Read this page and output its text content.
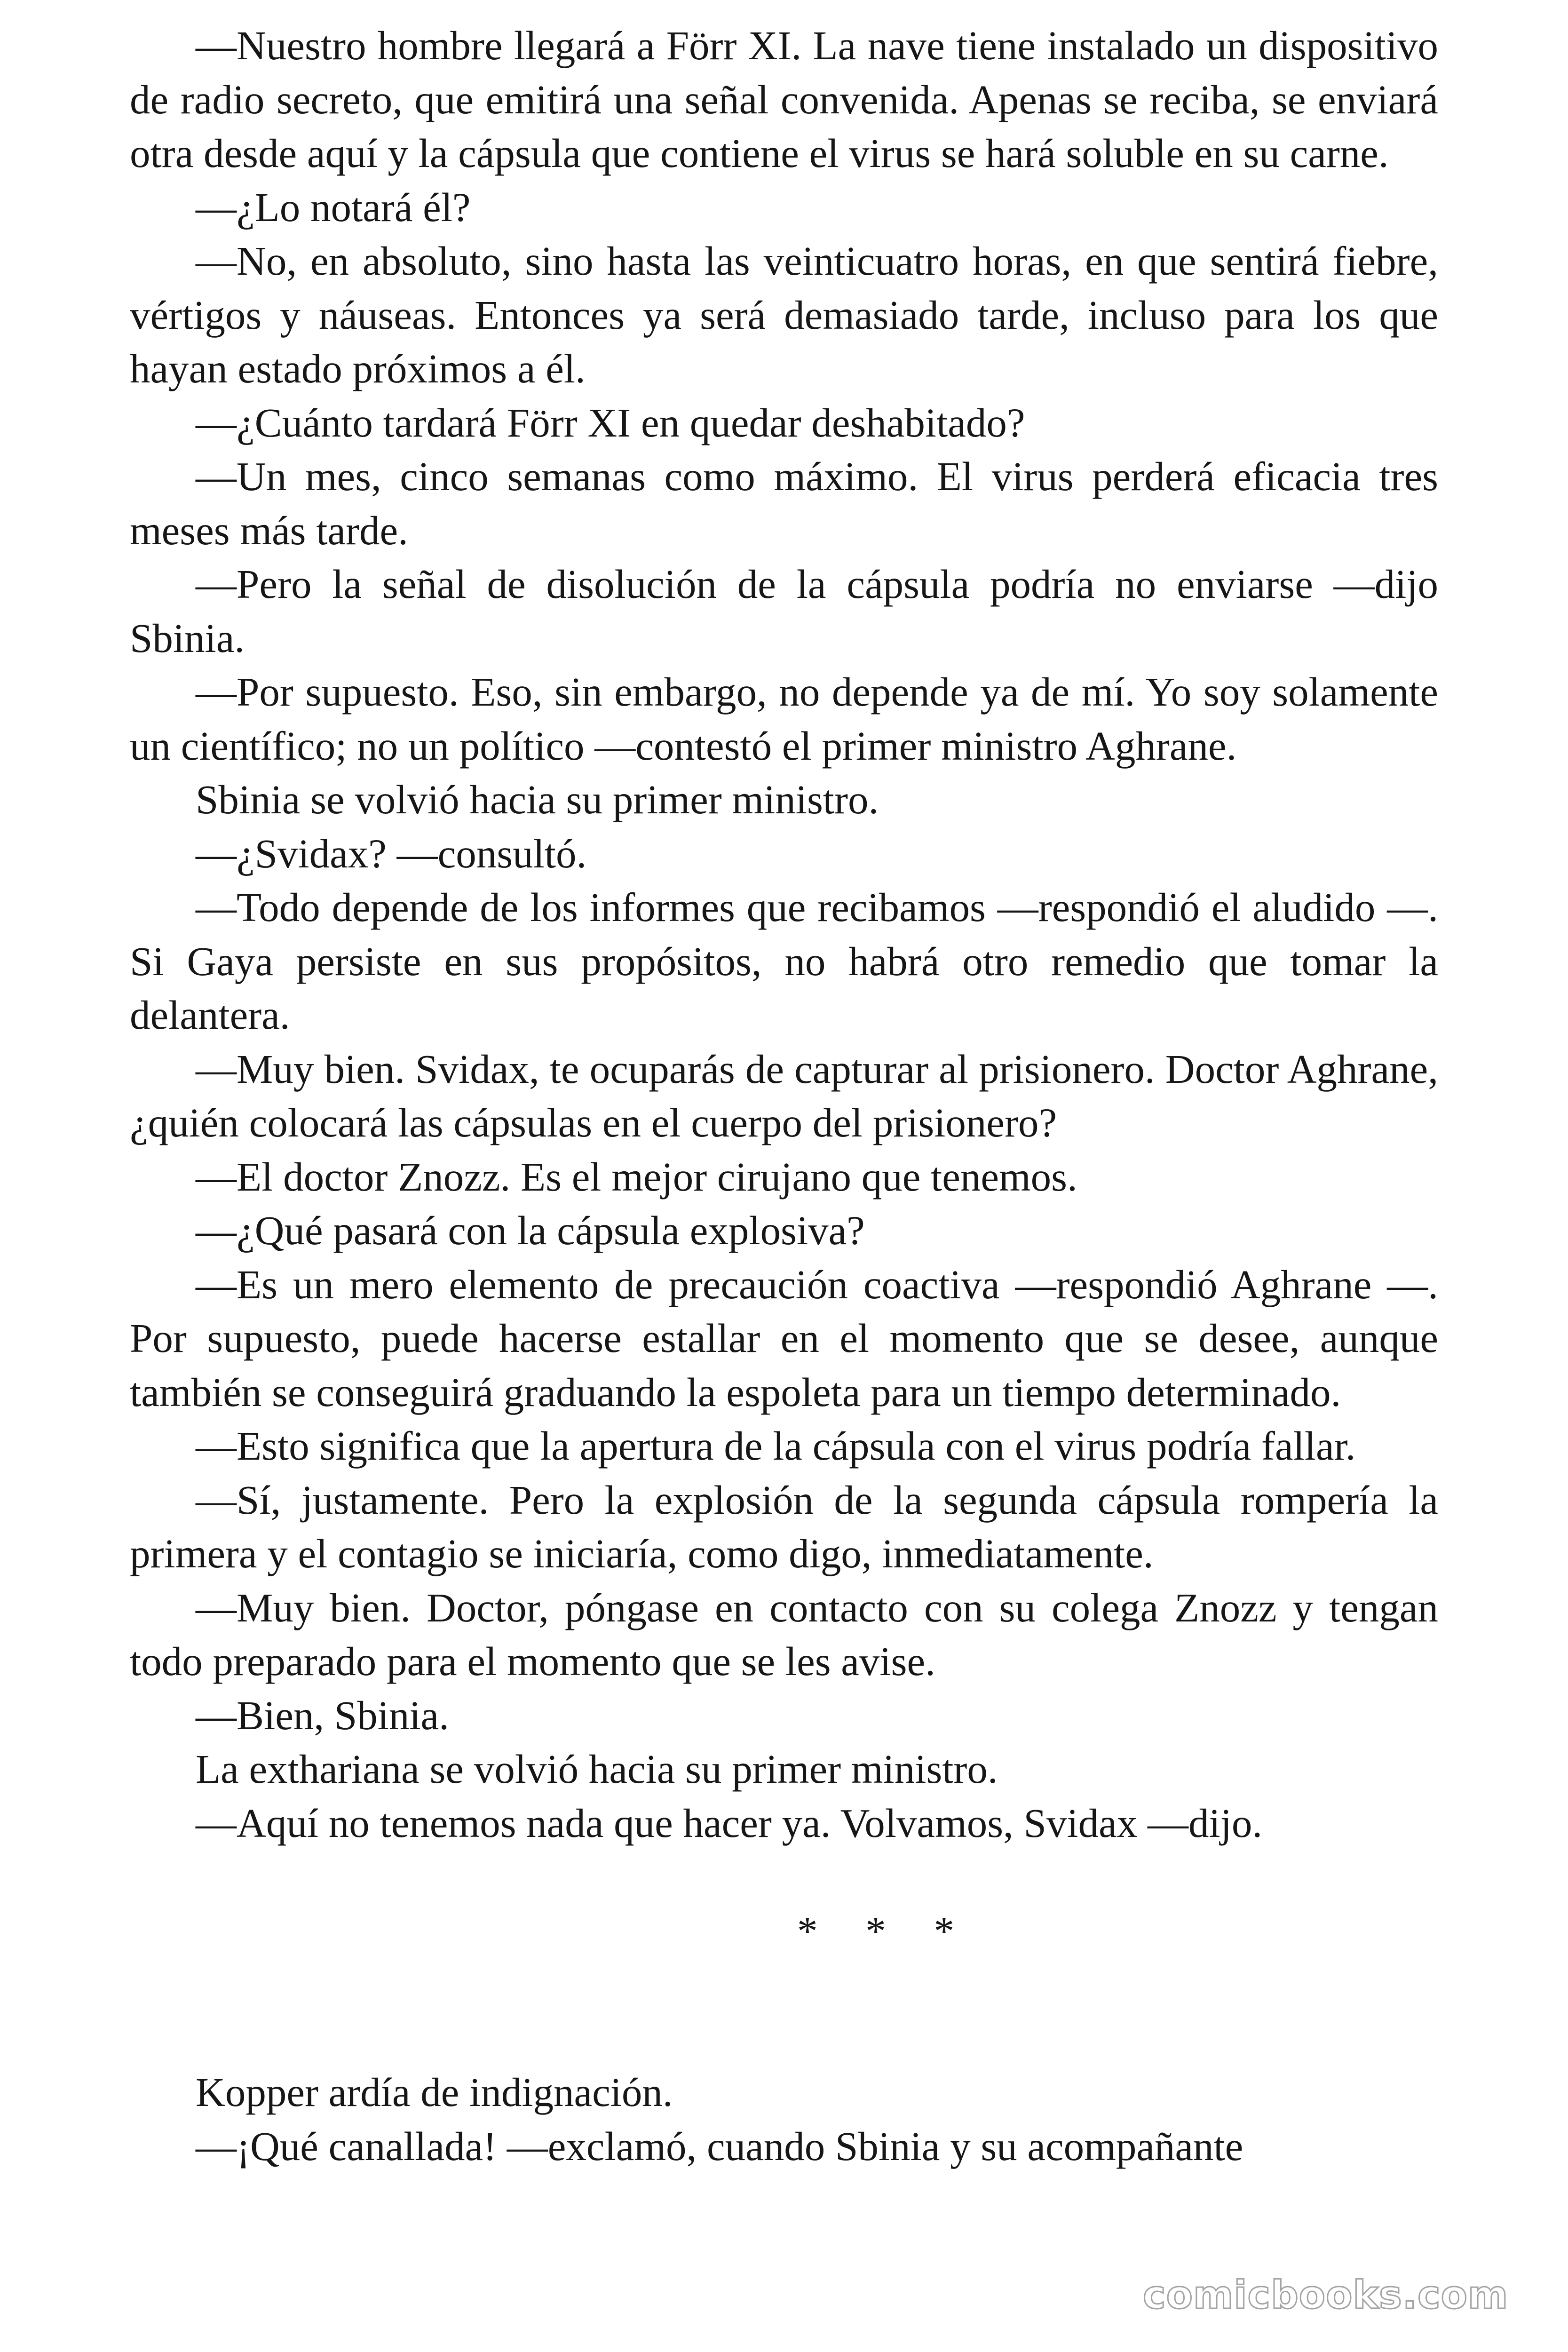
—Nuestro hombre llegará a Förr XI. La nave tiene instalado un dispositivo de radio secreto, que emitirá una señal convenida. Apenas se reciba, se enviará otra desde aquí y la cápsula que contiene el virus se hará soluble en su carne.

—¿Lo notará él?

—No, en absoluto, sino hasta las veinticuatro horas, en que sentirá fiebre, vértigos y náuseas. Entonces ya será demasiado tarde, incluso para los que hayan estado próximos a él.

—¿Cuánto tardará Förr XI en quedar deshabitado?

—Un mes, cinco semanas como máximo. El virus perderá eficacia tres meses más tarde.

—Pero la señal de disolución de la cápsula podría no enviarse —dijo Sbinia.

—Por supuesto. Eso, sin embargo, no depende ya de mí. Yo soy solamente un científico; no un político —contestó el primer ministro Aghrane.

Sbinia se volvió hacia su primer ministro.

—¿Svidax? —consultó.

—Todo depende de los informes que recibamos —respondió el aludido —. Si Gaya persiste en sus propósitos, no habrá otro remedio que tomar la delantera.

—Muy bien. Svidax, te ocuparás de capturar al prisionero. Doctor Aghrane, ¿quién colocará las cápsulas en el cuerpo del prisionero?

—El doctor Znozz. Es el mejor cirujano que tenemos.

—¿Qué pasará con la cápsula explosiva?

—Es un mero elemento de precaución coactiva —respondió Aghrane —. Por supuesto, puede hacerse estallar en el momento que se desee, aunque también se conseguirá graduando la espoleta para un tiempo determinado.

—Esto significa que la apertura de la cápsula con el virus podría fallar.

—Sí, justamente. Pero la explosión de la segunda cápsula rompería la primera y el contagio se iniciaría, como digo, inmediatamente.

—Muy bien. Doctor, póngase en contacto con su colega Znozz y tengan todo preparado para el momento que se les avise.

—Bien, Sbinia.

La exthariana se volvió hacia su primer ministro.

—Aquí no tenemos nada que hacer ya. Volvamos, Svidax —dijo.

* * *

Kopper ardía de indignación.

—¡Qué canallada! —exclamó, cuando Sbinia y su acompañante

comicbooks.com
